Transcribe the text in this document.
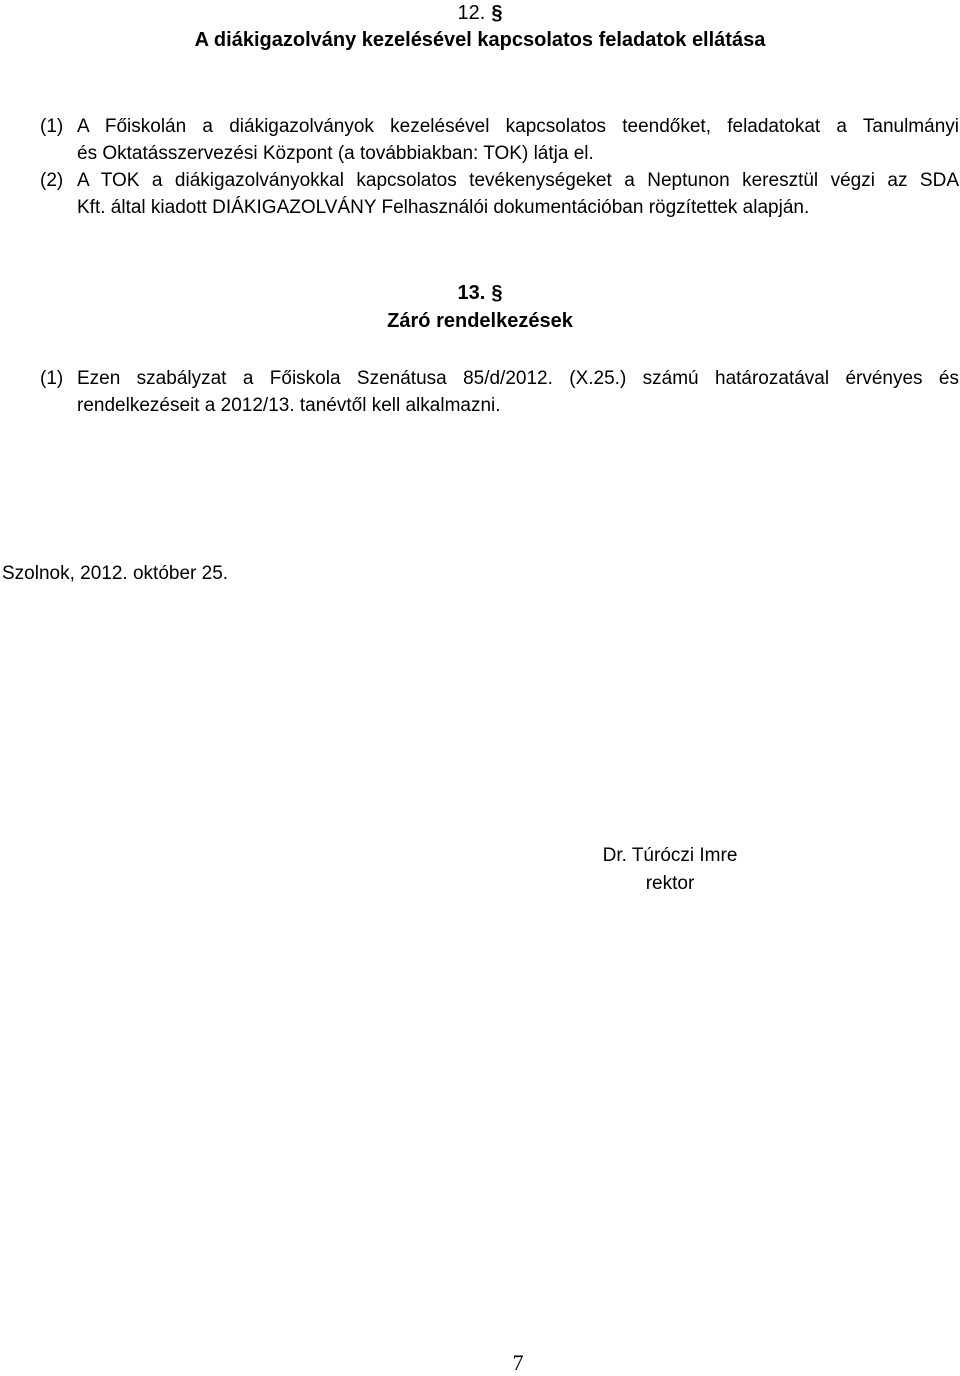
12. §
A diákigazolvány kezelésével kapcsolatos feladatok ellátása
(1) A Főiskolán a diákigazolványok kezelésével kapcsolatos teendőket, feladatokat a Tanulmányi
és Oktatásszervezési Központ (a továbbiakban: TOK) látja el.
(2) A TOK a diákigazolványokkal kapcsolatos tevékenységeket a Neptunon keresztül végzi az SDA
Kft. által kiadott DIÁKIGAZOLVÁNY Felhasználói dokumentációban rögzítettek alapján.
13. §
Záró rendelkezések
(1) Ezen szabályzat a Főiskola Szenátusa 85/d/2012. (X.25.) számú határozatával érvényes és
rendelkezéseit a 2012/13. tanévtől kell alkalmazni.
Szolnok, 2012. október 25.
Dr. Túróczi Imre
rektor
7
